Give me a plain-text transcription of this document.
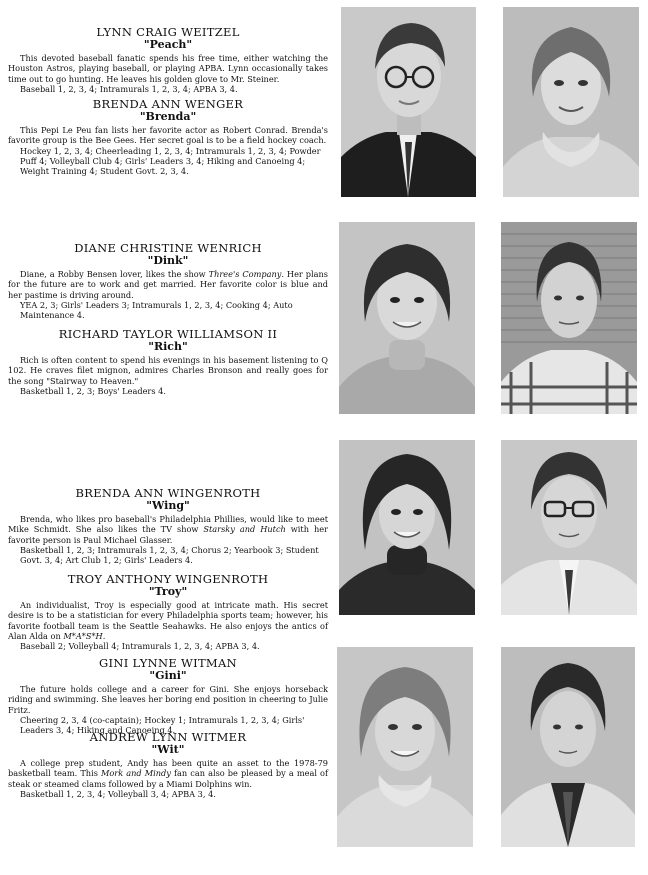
LYNN CRAIG WEITZEL
"Peach"

This devoted baseball fanatic spends his free time, either watching the Houston Astros, playing baseball, or playing APBA. Lynn occasionally takes time out to go hunting. He leaves his golden glove to Mr. Steiner.

Baseball 1, 2, 3, 4; Intramurals 1, 2, 3, 4; APBA 3, 4.

BRENDA ANN WENGER
"Brenda"

This Pepi Le Peu fan lists her favorite actor as Robert Conrad. Brenda's favorite group is the Bee Gees. Her secret goal is to be a field hockey coach.

Hockey 1, 2, 3, 4; Cheerleading 1, 2, 3, 4; Intramurals 1, 2, 3, 4; Powder Puff 4; Volleyball Club 4; Girls' Leaders 3, 4; Hiking and Canoeing 4; Weight Training 4; Student Govt. 2, 3, 4.

DIANE CHRISTINE WENRICH
"Dink"

Diane, a Robby Bensen lover, likes the show Three's Company. Her plans for the future are to work and get married. Her favorite color is blue and her pastime is driving around.

YEA 2, 3; Girls' Leaders 3; Intramurals 1, 2, 3, 4; Cooking 4; Auto Maintenance 4.

RICHARD TAYLOR WILLIAMSON II
"Rich"

Rich is often content to spend his evenings in his basement listening to Q 102. He craves filet mignon, admires Charles Bronson and really goes for the song "Stairway to Heaven."

Basketball 1, 2, 3; Boys' Leaders 4.

BRENDA ANN WINGENROTH
"Wing"

Brenda, who likes pro baseball's Philadelphia Phillies, would like to meet Mike Schmidt. She also likes the TV show Starsky and Hutch with her favorite person is Paul Michael Glasser.

Basketball 1, 2, 3; Intramurals 1, 2, 3, 4; Chorus 2; Yearbook 3; Student Govt. 3, 4; Art Club 1, 2; Girls' Leaders 4.

TROY ANTHONY WINGENROTH
"Troy"

An individualist, Troy is especially good at intricate math. His secret desire is to be a statistician for every Philadelphia sports team; however, his favorite football team is the Seattle Seahawks. He also enjoys the antics of Alan Alda on M*A*S*H.

Baseball 2; Volleyball 4; Intramurals 1, 2, 3, 4; APBA 3, 4.

GINI LYNNE WITMAN
"Gini"

The future holds college and a career for Gini. She enjoys horseback riding and swimming. She leaves her boring end position in cheering to Julie Fritz.

Cheering 2, 3, 4 (co-captain); Hockey 1; Intramurals 1, 2, 3, 4; Girls' Leaders 3, 4; Hiking and Canoeing 4.

ANDREW LYNN WITMER
"Wit"

A college prep student, Andy has been quite an asset to the 1978-79 basketball team. This Mork and Mindy fan can also be pleased by a meal of steak or steamed clams followed by a Miami Dolphins win.

Basketball 1, 2, 3, 4; Volleyball 3, 4; APBA 3, 4.
